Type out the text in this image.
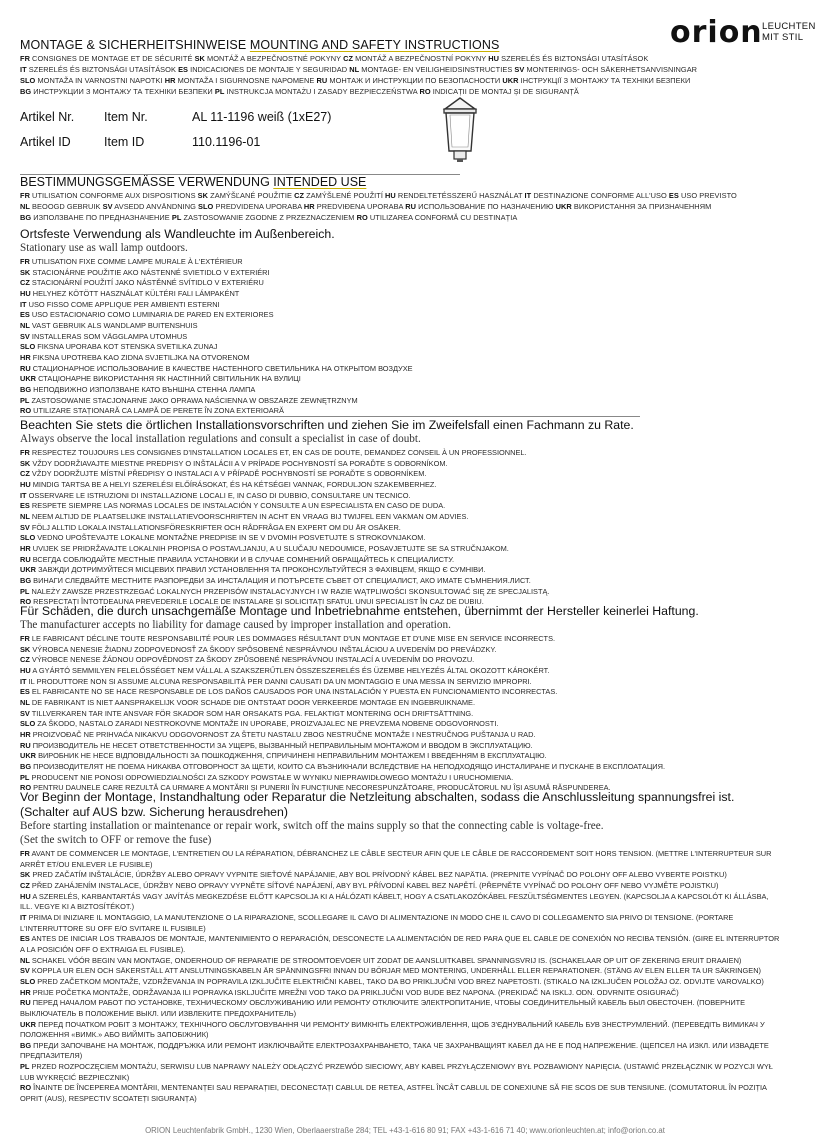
orion LEUCHTEN
MIT STIL
MONTAGE & SICHERHEITSHINWEISE MOUNTING AND SAFETY INSTRUCTIONS
FR CONSIGNES DE MONTAGE ET DE SÉCURITÉ SK MONTÁŽ A BEZPEČNOSTNÉ POKYNY CZ MONTÁŽ A BEZPEČNOSTNÍ POKYNY HU SZERELÉS ÉS BIZTONSÁGI UTASÍTÁSOK
IT SZERELÉS ÉS BIZTONSÁGI UTASÍTÁSOK ES INDICACIONES DE MONTAJE Y SEGURIDAD NL MONTAGE- EN VEILIGHEIDSINSTRUCTIES SV MONTERINGS- OCH SÄKERHETSANVISNINGAR
SLO MONTAŽA IN VARNOSTNI NAPOTKI HR MONTAŽA I SIGURNOSNE NAPOMENE RU МОНТАЖ И ИНСТРУКЦИИ ПО БЕЗОПАСНОСТИ UKR ІНСТРУКЦІЇ З МОНТАЖУ ТА ТЕХНІКИ БЕЗПЕКИ
BG ИНСТРУКЦИИ З МОНТАЖУ ТА ТЕХНІКИ БЕЗПЕКИ PL INSTRUKCJA MONTAŻU I ZASADY BEZPIECZEŃSTWA RO INDICAȚII DE MONTAJ ȘI DE SIGURANȚĂ
Artikel Nr. Item Nr.	AL 11-1196 weiß (1xE27)
Artikel ID	Item ID	110.1196-01
BESTIMMUNGSGEMÄSSE VERWENDUNG INTENDED USE
FR UTILISATION CONFORME AUX DISPOSITIONS SK ZAMÝŠĽANÉ POUŽITIE CZ ZAMÝŠLENÉ POUŽITÍ HU RENDELTETÉSSZERŰ HASZNÁLAT IT DESTINAZIONE CONFORME ALL'USO ES USO PREVISTO
NL BEOOGD GEBRUIK SV AVSEDD ANVÄNDNING SLO PREDVIDENA UPORABA HR PREDVIĐENA UPORABA RU ИСПОЛЬЗОВАНИЕ ПО НАЗНАЧЕНИЮ UKR ВИКОРИСТАННЯ ЗА ПРИЗНАЧЕННЯМ
BG ИЗПОЛЗВАНЕ ПО ПРЕДНАЗНАЧЕНИЕ PL ZASTOSOWANIE ZGODNE Z PRZEZNACZENIEM RO UTILIZAREA CONFORMĂ CU DESTINAȚIA
Ortsfeste Verwendung als Wandleuchte im Außenbereich.
Stationary use as wall lamp outdoors.
FR UTILISATION FIXE COMME LAMPE MURALE À L'EXTÉRIEUR
SK STACIONÁRNE POUŽITIE AKO NÁSTENNÉ SVIETIDLO V EXTERIÉRI
CZ STACIONÁRNÍ POUŽITÍ JAKO NÁSTĚNNÉ SVÍTIDLO V EXTERIÉRU
HU HELYHEZ KÖTÖTT HASZNÁLAT KÜLTÉRI FALI LÁMPAKÉNT
IT USO FISSO COME APPLIQUE PER AMBIENTI ESTERNI
ES USO ESTACIONARIO COMO LUMINARIA DE PARED EN EXTERIORES
NL VAST GEBRUIK ALS WANDLAMP BUITENSHUIS
SV INSTALLERAS SOM VÄGGLAMPA UTOMHUS
SLO FIKSNA UPORABA KOT STENSKA SVETILKA ZUNAJ
HR FIKSNA UPOTREBA KAO ZIDNA SVJETILJKA NA OTVORENOM
RU СТАЦИОНАРНОЕ ИСПОЛЬЗОВАНИЕ В КАЧЕСТВЕ НАСТЕННОГО СВЕТИЛЬНИКА НА ОТКРЫТОМ ВОЗДУХЕ
UKR СТАЦІОНАРНЕ ВИКОРИСТАННЯ ЯК НАСТІННИЙ СВІТИЛЬНИК НА ВУЛИЦІ
BG НЕПОДВИЖНО ИЗПОЛЗВАНЕ КАТО ВЪНШНА СТЕННА ЛАМПА
PL ZASTOSOWANIE STACJONARNE JAKO OPRAWA NAŚCIENNA W OBSZARZE ZEWNĘTRZNYM
RO UTILIZARE STAȚIONARĂ CA LAMPĂ DE PERETE ÎN ZONA EXTERIOARĂ
Beachten Sie stets die örtlichen Installationsvorschriften und ziehen Sie im Zweifelsfall einen Fachmann zu Rate.
Always observe the local installation regulations and consult a specialist in case of doubt.
FR RESPECTEZ TOUJOURS LES CONSIGNES D'INSTALLATION LOCALES ET, EN CAS DE DOUTE, DEMANDEZ CONSEIL À UN PROFESSIONNEL.
SK VŽDY DODRŽIAVAJTE MIESTNE PREDPISY O INŠTALÁCII A V PRÍPADE POCHYBNOSTÍ SA PORAĎTE S ODBORNÍKOM.
CZ VŽDY DODRŽUJTE MÍSTNÍ PŘEDPISY O INSTALACI A V PŘÍPADĚ POCHYBNOSTÍ SE PORAĎTE S ODBORNÍKEM.
HU MINDIG TARTSA BE A HELYI SZERELÉSI ELŐÍRÁSOKAT, ÉS HA KÉTSÉGEI VANNAK, FORDULJON SZAKEMBERHEZ.
IT OSSERVARE LE ISTRUZIONI DI INSTALLAZIONE LOCALI E, IN CASO DI DUBBIO, CONSULTARE UN TECNICO.
ES RESPETE SIEMPRE LAS NORMAS LOCALES DE INSTALACIÓN Y CONSULTE A UN ESPECIALISTA EN CASO DE DUDA.
NL NEEM ALTIJD DE PLAATSELIJKE INSTALLATIEVOORSCHRIFTEN IN ACHT EN VRAAG BIJ TWIJFEL EEN VAKMAN OM ADVIES.
SV FÖLJ ALLTID LOKALA INSTALLATIONSFÖRESKRIFTER OCH RÅDFRÅGA EN EXPERT OM DU ÄR OSÄKER.
SLO VEDNO UPOŠTEVAJTE LOKALNE MONTAŽNE PREDPISE IN SE V DVOMIH POSVETUJTE S STROKOVNJAKOM.
HR UVIJEK SE PRIDRŽAVAJTE LOKALNIH PROPISA O POSTAVLJANJU, A U SLUČAJU NEDOUMICE, POSAVJETUJTE SE SA STRUČNJAKOM.
RU ВСЕГДА СОБЛЮДАЙТЕ МЕСТНЫЕ ПРАВИЛА УСТАНОВКИ И В СЛУЧАЕ СОМНЕНИЙ ОБРАЩАЙТЕСЬ К СПЕЦИАЛИСТУ.
UKR ЗАВЖДИ ДОТРИМУЙТЕСЯ МІСЦЕВИХ ПРАВИЛ УСТАНОВЛЕННЯ ТА ПРОКОНСУЛЬТУЙТЕСЯ З ФАХІВЦЕМ, ЯКЩО Є СУМНІВИ.
BG ВИНАГИ СЛЕДВАЙТЕ МЕСТНИТЕ РАЗПОРЕДБИ ЗА ИНСТАЛАЦИЯ И ПОТЪРСЕТЕ СЪВЕТ ОТ СПЕЦИАЛИСТ, АКО ИМАТЕ СЪМНЕНИЯ.ЛИСТ.
PL NALEŻY ZAWSZE PRZESTRZEGAĆ LOKALNYCH PRZEPISÓW INSTALACYJNYCH I W RAZIE WĄTPLIWOŚCI SKONSULTOWAĆ SIĘ ZE SPECJALISTĄ.
RO RESPECTAȚI ÎNTOTDEAUNA PREVEDERILE LOCALE DE INSTALARE ȘI SOLICITAȚI SFATUL UNUI SPECIALIST ÎN CAZ DE DUBIU.
Für Schäden, die durch unsachgemäße Montage und Inbetriebnahme entstehen, übernimmt der Hersteller keinerlei Haftung.
The manufacturer accepts no liability for damage caused by improper installation and operation.
FR LE FABRICANT DÉCLINE TOUTE RESPONSABILITÉ POUR LES DOMMAGES RÉSULTANT D'UN MONTAGE ET D'UNE MISE EN SERVICE INCORRECTS.
SK VÝROBCA NENESIE ŽIADNU ZODPOVEDNOSŤ ZA ŠKODY SPÔSOBENÉ NESPRÁVNOU INŠTALÁCIOU A UVEDENÍM DO PREVÁDZKY.
CZ VÝROBCE NENESE ŽÁDNOU ODPOVĚDNOST ZA ŠKODY ZPŮSOBENÉ NESPRÁVNOU INSTALACÍ A UVEDENÍM DO PROVOZU.
HU A GYÁRTÓ SEMMILYEN FELELŐSSÉGET NEM VÁLLAL A SZAKSZERŰTLEN ÖSSZESZERELÉS ÉS ÜZEMBE HELYEZÉS ÁLTAL OKOZOTT KÁROKÉRT.
IT IL PRODUTTORE NON SI ASSUME ALCUNA RESPONSABILITÀ PER DANNI CAUSATI DA UN MONTAGGIO E UNA MESSA IN SERVIZIO IMPROPRI.
ES EL FABRICANTE NO SE HACE RESPONSABLE DE LOS DAÑOS CAUSADOS POR UNA INSTALACIÓN Y PUESTA EN FUNCIONAMIENTO INCORRECTAS.
NL DE FABRIKANT IS NIET AANSPRAKELIJK VOOR SCHADE DIE ONTSTAAT DOOR VERKEERDE MONTAGE EN INGEBRUIKNAME.
SV TILLVERKAREN TAR INTE ANSVAR FÖR SKADOR SOM HAR ORSAKATS PGA. FELAKTIGT MONTERING OCH DRIFTSÄTTNING.
SLO ZA ŠKODO, NASTALO ZARADI NESTROKOVNE MONTAŽE IN UPORABE, PROIZVAJALEC NE PREVZEMA NOBENE ODGOVORNOSTI.
HR PROIZVOĐAČ NE PRIHVAĆA NIKAKVU ODGOVORNOST ZA ŠTETU NASTALU ZBOG NESTRUČNE MONTAŽE I NESTRUČNOG PUŠTANJA U RAD.
RU ПРОИЗВОДИТЕЛЬ НЕ НЕСЕТ ОТВЕТСТВЕННОСТИ ЗА УЩЕРБ, ВЫЗВАННЫЙ НЕПРАВИЛЬНЫМ МОНТАЖОМ И ВВОДОМ В ЭКСПЛУАТАЦИЮ.
UKR ВИРОБНИК НЕ НЕСЕ ВІДПОВІДАЛЬНОСТІ ЗА ПОШКОДЖЕННЯ, СПРИЧИНЕНІ НЕПРАВИЛЬНИМ МОНТАЖЕМ І ВВЕДЕННЯМ В ЕКСПЛУАТАЦІЮ.
BG ПРОИЗВОДИТЕЛЯТ НЕ ПОЕМА НИКАКВА ОТГОВОРНОСТ ЗА ЩЕТИ, КОИТО СА ВЪЗНИКНАЛИ ВСЛЕДСТВИЕ НА НЕПОДХОДЯЩО ИНСТАЛИРАНЕ И ПУСКАНЕ В ЕКСПЛОАТАЦИЯ.
PL PRODUCENT NIE PONOSI ODPOWIEDZIALNOŚCI ZA SZKODY POWSTAŁE W WYNIKU NIEPRAWIDŁOWEGO MONTAŻU I URUCHOMIENIA.
RO PENTRU DAUNELE CARE REZULTĂ CA URMARE A MONTĂRII ȘI PUNERII ÎN FUNCȚIUNE NECORESPUNZĂTOARE, PRODUCĂTORUL NU ÎȘI ASUMĂ RĂSPUNDEREA.
Vor Beginn der Montage, Instandhaltung oder Reparatur die Netzleitung abschalten, sodass die Anschlussleitung spannungsfrei ist.
(Schalter auf AUS bzw. Sicherung herausdrehen)
Before starting installation or maintenance or repair work, switch off the mains supply so that the connecting cable is voltage-free.
(Set the switch to OFF or remove the fuse)
FR AVANT DE COMMENCER LE MONTAGE, L'ENTRETIEN OU LA RÉPARATION, DÉBRANCHEZ LE CÂBLE SECTEUR AFIN QUE LE CÂBLE DE RACCORDEMENT SOIT HORS TENSION. (METTRE L'INTERRUPTEUR SUR ARRÊT ET/OU ENLEVER LE FUSIBLE)
SK PRED ZAČATÍM INŠTALÁCIE, ÚDRŽBY ALEBO OPRAVY VYPNITE SIEŤOVÉ NAPÁJANIE, ABY BOL PRÍVODNÝ KÁBEL BEZ NAPÄTIA. (PREPNITE VYPÍNAČ DO POLOHY OFF ALEBO VYBERTE POISTKU)
CZ PŘED ZAHÁJENÍM INSTALACE, ÚDRŽBY NEBO OPRAVY VYPNĚTE SÍŤOVÉ NAPÁJENÍ, ABY BYL PŘÍVODNÍ KABEL BEZ NAPĚTÍ. (PŘEPNĚTE VYPÍNAČ DO POLOHY OFF NEBO VYJMĚTE POJISTKU)
HU A SZERELÉS, KARBANTARTÁS VAGY JAVÍTÁS MEGKEZDÉSE ELŐTT KAPCSOLJA KI A HÁLÓZATI KÁBELT, HOGY A CSATLAKOZÓKÁBEL FESZÜLTSÉGMENTES LEGYEN. (KAPCSOLJA A KAPCSOLÓT KI ÁLLÁSBA, ILL. VEGYE KI A BIZTOSÍTÉKOT.)
IT PRIMA DI INIZIARE IL MONTAGGIO, LA MANUTENZIONE O LA RIPARAZIONE, SCOLLEGARE IL CAVO DI ALIMENTAZIONE IN MODO CHE IL CAVO DI COLLEGAMENTO SIA PRIVO DI TENSIONE. (PORTARE L'INTERRUTTORE SU OFF E/O SVITARE IL FUSIBILE)
ES ANTES DE INICIAR LOS TRABAJOS DE MONTAJE, MANTENIMIENTO O REPARACIÓN, DESCONECTE LA ALIMENTACIÓN DE RED PARA QUE EL CABLE DE CONEXIÓN NO RECIBA TENSIÓN. (GIRE EL INTERRUPTOR A LA POSICIÓN OFF O EXTRAIGA EL FUSIBLE).
NL SCHAKEL VÓÓR BEGIN VAN MONTAGE, ONDERHOUD OF REPARATIE DE STROOMTOEVOER UIT ZODAT DE AANSLUITKABEL SPANNINGSVRIJ IS. (SCHAKELAAR OP UIT OF ZEKERING ERUIT DRAAIEN)
SV KOPPLA UR ELEN OCH SÄKERSTÄLL ATT ANSLUTNINGSKABELN ÄR SPÄNNINGSFRI INNAN DU BÖRJAR MED MONTERING, UNDERHÅLL ELLER REPARATIONER. (STÄNG AV ELEN ELLER TA UR SÄKRINGEN)
SLO PRED ZAČETKOM MONTAŽE, VZDRŽEVANJA IN POPRAVILA IZKLJUČITE ELEKTRIČNI KABEL, TAKO DA BO PRIKLJUČNI VOD BREZ NAPETOSTI. (STIKALO NA IZKLJUČEN POLOŽAJ OZ. ODVIJTE VAROVALKO)
HR PRIJE POČETKA MONTAŽE, ODRŽAVANJA ILI POPRAVKA ISKLJUČITE MREŽNI VOD TAKO DA PRIKLJUČNI VOD BUDE BEZ NAPONA. (PREKIDAČ NA ISKLJ. ODN. ODVRNITE OSIGURAČ)
RU ПЕРЕД НАЧАЛОМ РАБОТ ПО УСТАНОВКЕ, ТЕХНИЧЕСКОМУ ОБСЛУЖИВАНИЮ ИЛИ РЕМОНТУ ОТКЛЮЧИТЕ ЭЛЕКТРОПИТАНИЕ, ЧТОБЫ СОЕДИНИТЕЛЬНЫЙ КАБЕЛЬ БЫЛ ОБЕСТОЧЕН. (ПОВЕРНИТЕ ВЫКЛЮЧАТЕЛЬ В ПОЛОЖЕНИЕ ВЫКЛ. ИЛИ ИЗВЛЕКИТЕ ПРЕДОХРАНИТЕЛЬ)
UKR ПЕРЕД ПОЧАТКОМ РОБІТ З МОНТАЖУ, ТЕХНІЧНОГО ОБСЛУГОВУВАННЯ ЧИ РЕМОНТУ ВИМКНІТЬ ЕЛЕКТРОЖИВЛЕННЯ, ЩОБ З'ЄДНУВАЛЬНИЙ КАБЕЛЬ БУВ ЗНЕСТРУМЛЕНИЙ. (ПЕРЕВЕДІТЬ ВИМИКАЧ У ПОЛОЖЕННЯ «ВИМК.» АБО ВИЙМІТЬ ЗАПОБІЖНИК)
BG ПРЕДИ ЗАПОЧВАНЕ НА МОНТАЖ, ПОДДРЪЖКА ИЛИ РЕМОНТ ИЗКЛЮЧВАЙТЕ ЕЛЕКТРОЗАХРАНВАНЕТО, ТАКА ЧЕ ЗАХРАНВАЩИЯТ КАБЕЛ ДА НЕ Е ПОД НАПРЕЖЕНИЕ. (ЩЕПСЕЛ НА ИЗКЛ. ИЛИ ИЗВАДЕТЕ ПРЕДПАЗИТЕЛЯ)
PL PRZED ROZPOCZĘCIEM MONTAŻU, SERWISU LUB NAPRAWY NALEŻY ODŁĄCZYĆ PRZEWÓD SIECIOWY, ABY KABEL PRZYŁĄCZENIOWY BYŁ POZBAWIONY NAPIĘCIA. (USTAWIĆ PRZEŁĄCZNIK W POZYCJI WYŁ LUB WYKRĘCIĆ BEZPIECZNIK)
RO ÎNAINTE DE ÎNCEPEREA MONTĂRII, MENTENANȚEI SAU REPARAȚIEI, DECONECTAȚI CABLUL DE RETEA, ASTFEL ÎNCÂT CABLUL DE CONEXIUNE SĂ FIE SCOS DE SUB TENSIUNE. (COMUTATORUL ÎN POZIȚIA OPRIT (AUS), RESPECTIV SCOATEȚI SIGURANȚA)
ORION Leuchtenfabrik GmbH., 1230 Wien, Oberlaaerstraße 284; TEL +43-1-616 80 91; FAX +43-1-616 71 40; www.orionleuchten.at; info@orion.co.at
